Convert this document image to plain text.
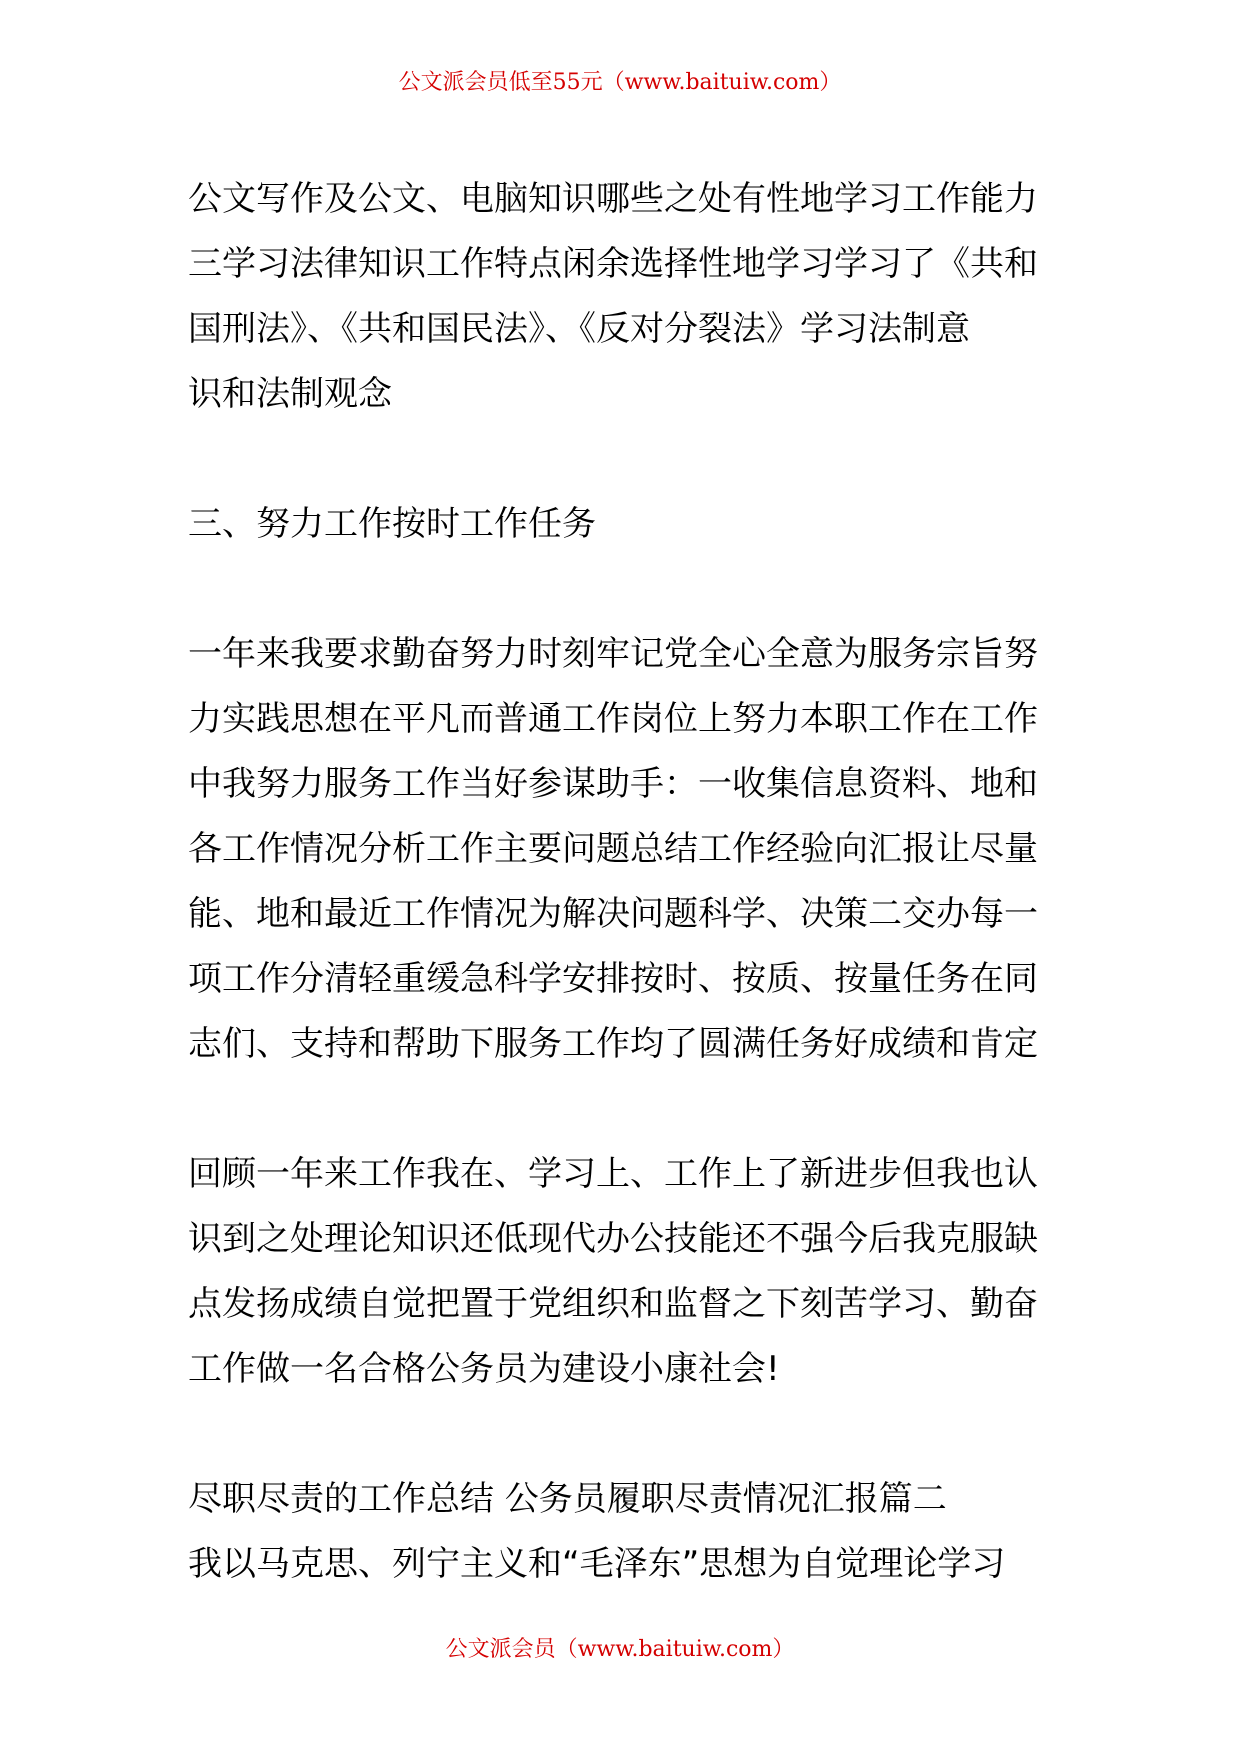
公文派会员低至55元（www.baituiw.com）
公文写作及公文、电脑知识哪些之处有性地学习工作能力
三学习法律知识工作特点闲余选择性地学习学习了《共和
国刑法》、《共和国民法》、《反对分裂法》学习法制意
识和法制观念
三、努力工作按时工作任务
一年来我要求勤奋努力时刻牢记党全心全意为服务宗旨努
力实践思想在平凡而普通工作岗位上努力本职工作在工作
中我努力服务工作当好参谋助手：一收集信息资料、地和
各工作情况分析工作主要问题总结工作经验向汇报让尽量
能、地和最近工作情况为解决问题科学、决策二交办每一
项工作分清轻重缓急科学安排按时、按质、按量任务在同
志们、支持和帮助下服务工作均了圆满任务好成绩和肯定
回顾一年来工作我在、学习上、工作上了新进步但我也认
识到之处理论知识还低现代办公技能还不强今后我克服缺
点发扬成绩自觉把置于党组织和监督之下刻苦学习、勤奋
工作做一名合格公务员为建设小康社会!
尽职尽责的工作总结 公务员履职尽责情况汇报篇二
我以马克思、列宁主义和“毛泽东”思想为自觉理论学习
公文派会员（www.baituiw.com）
